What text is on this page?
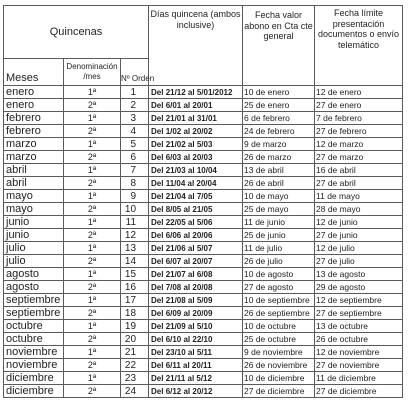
Quincenas			Días quincena (ambos inclusive)	Fecha valor abono en Cta cte general	Fecha límite presentación documentos o envío telemático
Meses	Denominación /mes	Nº Orden			
enero	1ª	1	Del 21/12 al 5/01/2012	10 de enero	12 de enero
enero	2ª	2	Del 6/01 al 20/01	25 de enero	27 de enero
febrero	1ª	3	Del 21/01 al 31/01	6 de febrero	7 de febrero
febrero	2ª	4	Del 1/02 al 20/02	24 de febrero	27 de febrero
marzo	1ª	5	Del 21/02 al 5/03	9 de marzo	12 de marzo
marzo	2ª	6	Del 6/03 al 20/03	26 de marzo	27 de marzo
abril	1ª	7	Del 21/03 al 10/04	13 de abril	16 de abril
abril	2ª	8	Del 11/04 al 20/04	26 de abril	27 de abril
mayo	1ª	9	Del 21/04 al 7/05	10 de mayo	11 de mayo
mayo	2ª	10	Del 8/05 al 21/05	25 de mayo	28 de mayo
junio	1ª	11	Del 22/05 al 5/06	11 de junio	12 de junio
junio	2ª	12	Del 6/06 al 20/06	25 de junio	27 de junio
julio	1ª	13	Del 21/06 al 5/07	11 de julio	12 de julio
julio	2ª	14	Del 6/07 al 20/07	26 de julio	27 de julio
agosto	1ª	15	Del 21/07 al 6/08	10 de agosto	13 de agosto
agosto	2ª	16	Del 7/08 al 20/08	27 de agosto	29 de agosto
septiembre	1ª	17	Del 21/08 al 5/09	10 de septiembre	12 de septiembre
septiembre	2ª	18	Del 6/09 al 20/09	26 de septiembre	27 de septiembre
octubre	1ª	19	Del 21/09 al 5/10	10 de octubre	13 de octubre
octubre	2ª	20	Del 6/10 al 22/10	25 de octubre	26 de octubre
noviembre	1ª	21	Del 23/10 al 5/11	9 de noviembre	12 de noviembre
noviembre	2ª	22	Del 6/11 al 20/11	26 de noviembre	27 de noviembre
diciembre	1ª	23	Del 21/11 al 5/12	10 de diciembre	11 de diciembre
diciembre	2ª	24	Del 6/12 al 20/12	27 de diciembre	27 de diciembre
